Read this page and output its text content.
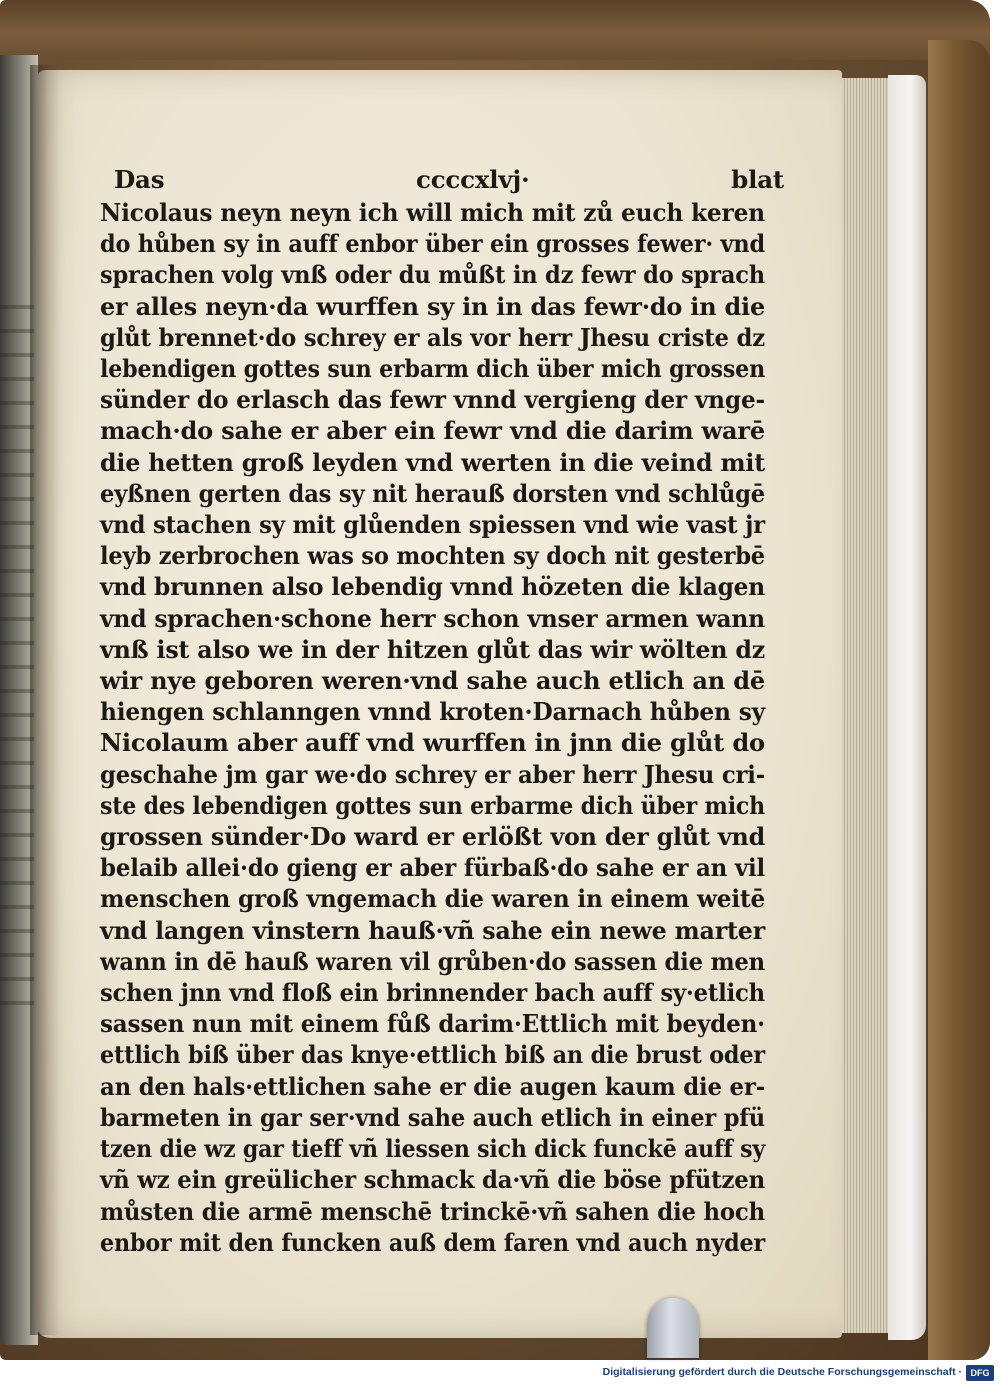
Das	cccc‌xlvj·	blat
Nicolaus neyn neyn ich will mich mit zů euch keren
do hůben sy in auff enbor über ein grosses fewer· vnd
sprachen volg vnß oder du můßt in dz fewr do sprach
er alles neyn·da wurffen sy in in das fewr·do in die
glůt brennet·do schrey er als vor herr Jhesu criste dz
lebendigen gottes sun erbarm dich über mich grossen
sünder do erlasch das fewr vnnd vergieng der vnge-
mach·do sahe er aber ein fewr vnd die darim warē
die hetten groß leyden vnd werten in die veind mit
eyßnen gerten das sy nit herauß dorsten vnd schlůgē
vnd stachen sy mit glůenden spiessen vnd wie vast jr
leyb zerbrochen was so mochten sy doch nit gesterbē
vnd brunnen also lebendig vnnd hözeten die klagen
vnd sprachen·schone herr schon vnser armen wann
vnß ist also we in der hitzen glůt das wir wölten dz
wir nye geboren weren·vnd sahe auch etlich an dē
hiengen schlanngen vnnd kroten·Darnach hůben sy
Nicolaum aber auff vnd wurffen in jnn die glůt do
geschahe jm gar we·do schrey er aber herr Jhesu cri-
ste des lebendigen gottes sun erbarme dich über mich
grossen sünder·Do ward er erlößt von der glůt vnd
belaib allei·do gieng er aber fürbaß·do sahe er an vil
menschen groß vngemach die waren in einem weitē
vnd langen vinstern hauß·vñ sahe ein newe marter
wann in dē hauß waren vil grůben·do sassen die men
schen jnn vnd floß ein brinnender bach auff sy·etlich
sassen nun mit einem fůß darim·Ettlich mit beyden·
ettlich biß über das knye·ettlich biß an die brust oder
an den hals·ettlichen sahe er die augen kaum die er-
barmeten in gar ser·vnd sahe auch etlich in einer pfü
tzen die wz gar tieff vñ liessen sich dick funckē auff sy
vñ wz ein greülicher schmack da·vñ die böse pfützen
můsten die armē menschē trinckē·vñ sahen die hoch
enbor mit den funcken auß dem faren vnd auch nyder
Digitalisierung gefördert durch die Deutsche Forschungsgemeinschaft · DFG
